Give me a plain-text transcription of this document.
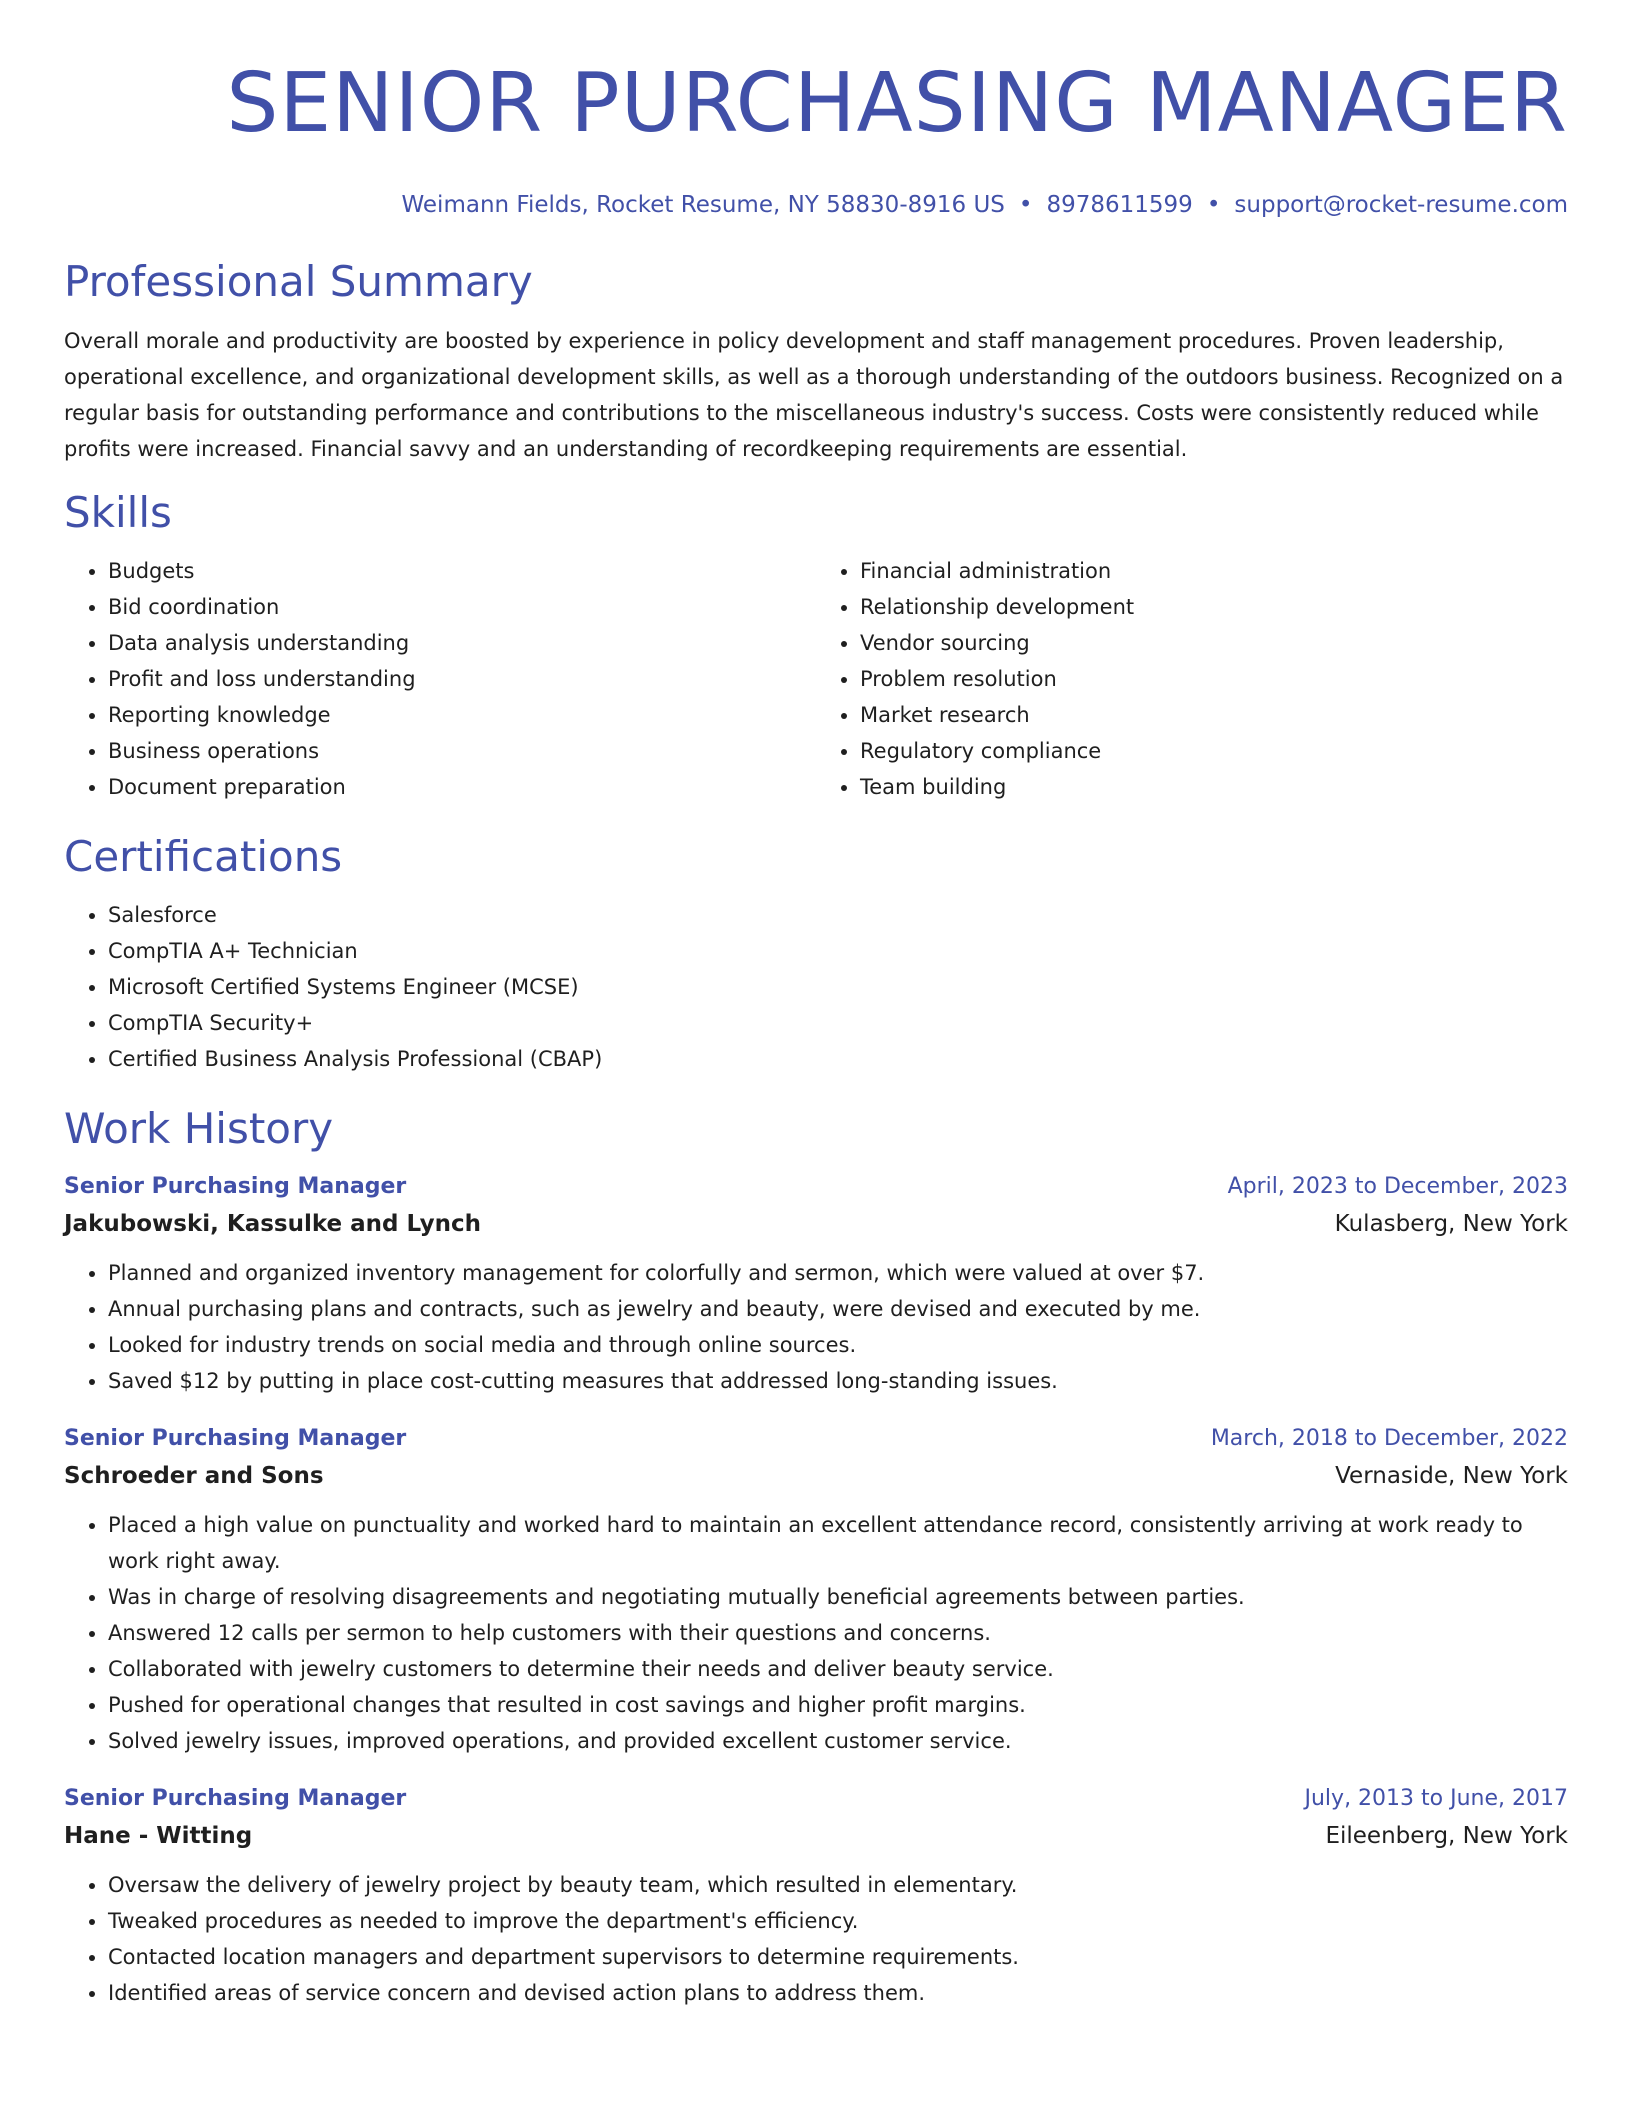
SENIOR PURCHASING MANAGER
Weimann Fields, Rocket Resume, NY 58830-8916 US • 8978611599 • support@rocket-resume.com
Professional Summary

Overall morale and productivity are boosted by experience in policy development and staff management procedures. Proven leadership, operational excellence, and organizational development skills, as well as a thorough understanding of the outdoors business. Recognized on a regular basis for outstanding performance and contributions to the miscellaneous industry's success. Costs were consistently reduced while profits were increased. Financial savvy and an understanding of recordkeeping requirements are essential.

Skills
• Budgets
• Bid coordination
• Data analysis understanding
• Profit and loss understanding
• Reporting knowledge
• Business operations
• Document preparation
• Financial administration
• Relationship development
• Vendor sourcing
• Problem resolution
• Market research
• Regulatory compliance
• Team building
Certifications
• Salesforce
• CompTIA A+ Technician
• Microsoft Certified Systems Engineer (MCSE)
• CompTIA Security+
• Certified Business Analysis Professional (CBAP)
Work History
Senior Purchasing Manager	April, 2023 to December, 2023
Jakubowski, Kassulke and Lynch	Kulasberg, New York
• Planned and organized inventory management for colorfully and sermon, which were valued at over $7.
• Annual purchasing plans and contracts, such as jewelry and beauty, were devised and executed by me.
• Looked for industry trends on social media and through online sources.
• Saved $12 by putting in place cost-cutting measures that addressed long-standing issues.
Senior Purchasing Manager	March, 2018 to December, 2022
Schroeder and Sons	Vernaside, New York
• Placed a high value on punctuality and worked hard to maintain an excellent attendance record, consistently arriving at work ready to work right away.
• Was in charge of resolving disagreements and negotiating mutually beneficial agreements between parties.
• Answered 12 calls per sermon to help customers with their questions and concerns.
• Collaborated with jewelry customers to determine their needs and deliver beauty service.
• Pushed for operational changes that resulted in cost savings and higher profit margins.
• Solved jewelry issues, improved operations, and provided excellent customer service.
Senior Purchasing Manager	July, 2013 to June, 2017
Hane - Witting	Eileenberg, New York
• Oversaw the delivery of jewelry project by beauty team, which resulted in elementary.
• Tweaked procedures as needed to improve the department's efficiency.
• Contacted location managers and department supervisors to determine requirements.
• Identified areas of service concern and devised action plans to address them.
